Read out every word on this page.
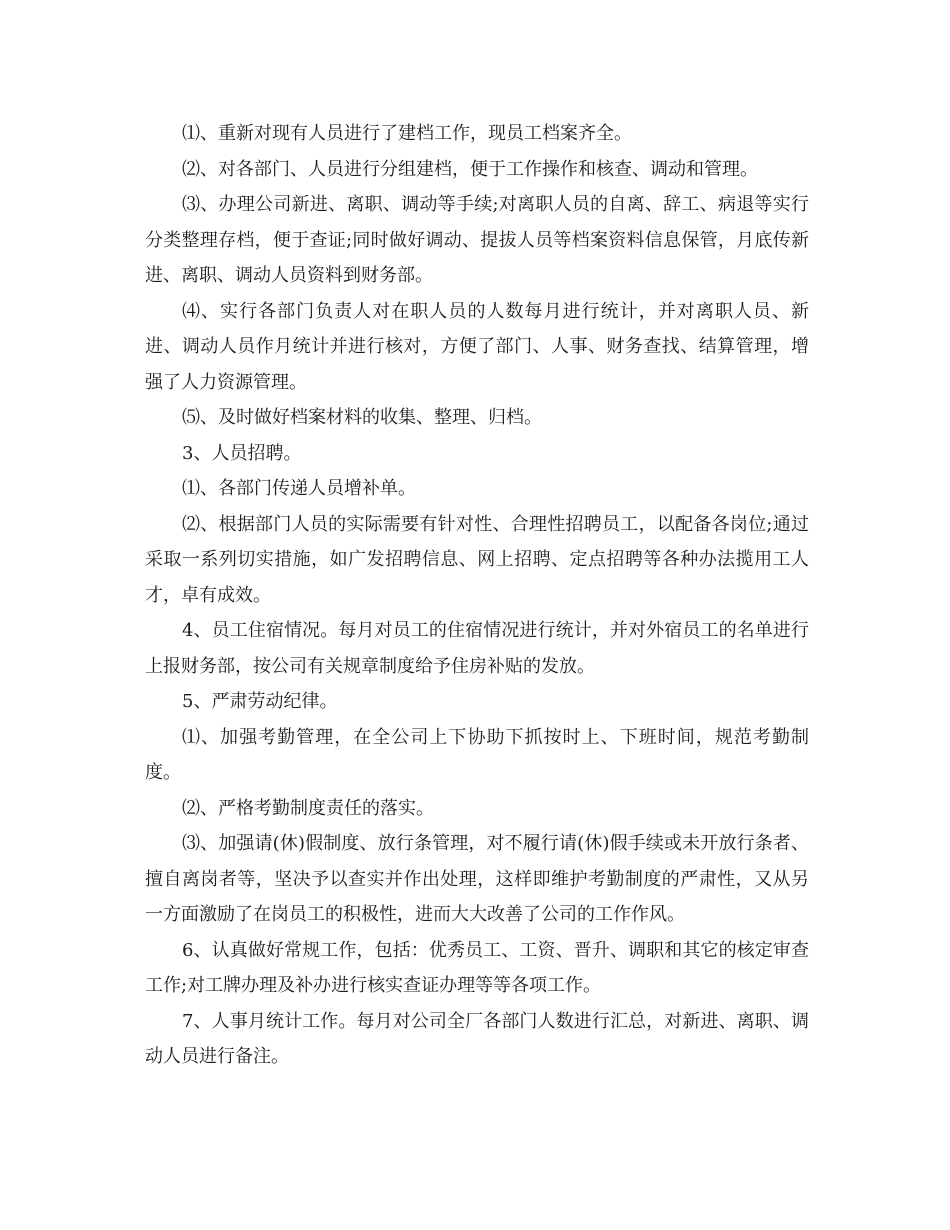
⑴、重新对现有人员进行了建档工作，现员工档案齐全。

⑵、对各部门、人员进行分组建档，便于工作操作和核查、调动和管理。

⑶、办理公司新进、离职、调动等手续;对离职人员的自离、辞工、病退等实行分类整理存档，便于查证;同时做好调动、提拔人员等档案资料信息保管，月底传新进、离职、调动人员资料到财务部。

⑷、实行各部门负责人对在职人员的人数每月进行统计，并对离职人员、新进、调动人员作月统计并进行核对，方便了部门、人事、财务查找、结算管理，增强了人力资源管理。

⑸、及时做好档案材料的收集、整理、归档。

3、人员招聘。

⑴、各部门传递人员增补单。

⑵、根据部门人员的实际需要有针对性、合理性招聘员工，以配备各岗位;通过采取一系列切实措施，如广发招聘信息、网上招聘、定点招聘等各种办法揽用工人才，卓有成效。

4、员工住宿情况。每月对员工的住宿情况进行统计，并对外宿员工的名单进行上报财务部，按公司有关规章制度给予住房补贴的发放。

5、严肃劳动纪律。

⑴、加强考勤管理，在全公司上下协助下抓按时上、下班时间，规范考勤制度。

⑵、严格考勤制度责任的落实。

⑶、加强请(休)假制度、放行条管理，对不履行请(休)假手续或未开放行条者、擅自离岗者等，坚决予以查实并作出处理，这样即维护考勤制度的严肃性，又从另一方面激励了在岗员工的积极性，进而大大改善了公司的工作作风。

6、认真做好常规工作，包括：优秀员工、工资、晋升、调职和其它的核定审查工作;对工牌办理及补办进行核实查证办理等等各项工作。

7、人事月统计工作。每月对公司全厂各部门人数进行汇总，对新进、离职、调动人员进行备注。
